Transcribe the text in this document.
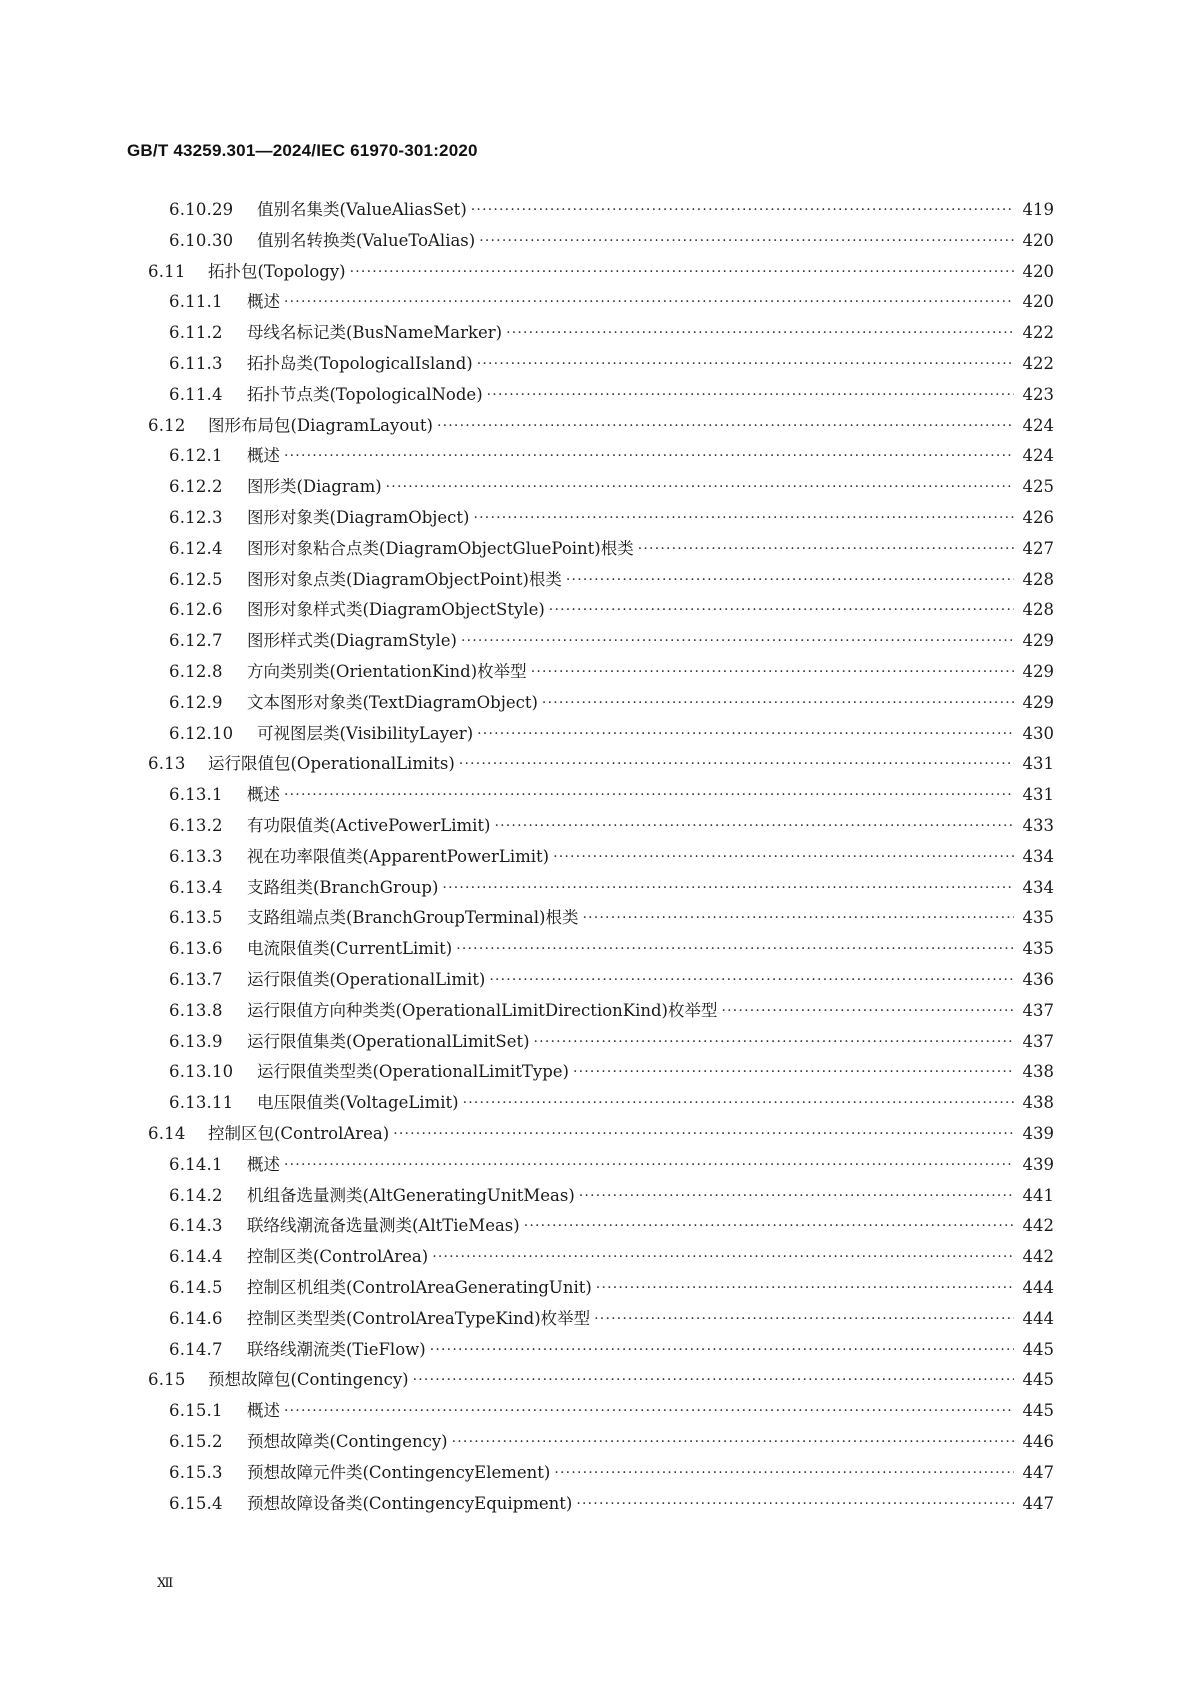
GB/T 43259.301—2024/IEC 61970-301:2020
6.10.29	值别名集类(ValueAliasSet) ·····	419
6.10.30	值别名转换类(ValueToAlias) ·····	420
6.11	拓扑包(Topology) ·····	420
6.11.1	概述 ·····	420
6.11.2	母线名标记类(BusNameMarker) ·····	422
6.11.3	拓扑岛类(TopologicalIsland) ·····	422
6.11.4	拓扑节点类(TopologicalNode) ·····	423
6.12	图形布局包(DiagramLayout) ·····	424
6.12.1	概述 ·····	424
6.12.2	图形类(Diagram) ·····	425
6.12.3	图形对象类(DiagramObject) ·····	426
6.12.4	图形对象粘合点类(DiagramObjectGluePoint)根类 ·····	427
6.12.5	图形对象点类(DiagramObjectPoint)根类 ·····	428
6.12.6	图形对象样式类(DiagramObjectStyle) ·····	428
6.12.7	图形样式类(DiagramStyle) ·····	429
6.12.8	方向类别类(OrientationKind)枚举型 ·····	429
6.12.9	文本图形对象类(TextDiagramObject) ·····	429
6.12.10	可视图层类(VisibilityLayer) ·····	430
6.13	运行限值包(OperationalLimits) ·····	431
6.13.1	概述 ·····	431
6.13.2	有功限值类(ActivePowerLimit) ·····	433
6.13.3	视在功率限值类(ApparentPowerLimit) ·····	434
6.13.4	支路组类(BranchGroup) ·····	434
6.13.5	支路组端点类(BranchGroupTerminal)根类 ·····	435
6.13.6	电流限值类(CurrentLimit) ·····	435
6.13.7	运行限值类(OperationalLimit) ·····	436
6.13.8	运行限值方向种类类(OperationalLimitDirectionKind)枚举型 ·····	437
6.13.9	运行限值集类(OperationalLimitSet) ·····	437
6.13.10	运行限值类型类(OperationalLimitType) ·····	438
6.13.11	电压限值类(VoltageLimit) ·····	438
6.14	控制区包(ControlArea) ·····	439
6.14.1	概述 ·····	439
6.14.2	机组备选量测类(AltGeneratingUnitMeas) ·····	441
6.14.3	联络线潮流备选量测类(AltTieMeas) ·····	442
6.14.4	控制区类(ControlArea) ·····	442
6.14.5	控制区机组类(ControlAreaGeneratingUnit) ·····	444
6.14.6	控制区类型类(ControlAreaTypeKind)枚举型 ·····	444
6.14.7	联络线潮流类(TieFlow) ·····	445
6.15	预想故障包(Contingency) ·····	445
6.15.1	概述 ·····	445
6.15.2	预想故障类(Contingency) ·····	446
6.15.3	预想故障元件类(ContingencyElement) ·····	447
6.15.4	预想故障设备类(ContingencyEquipment) ·····	447
Ⅻ
